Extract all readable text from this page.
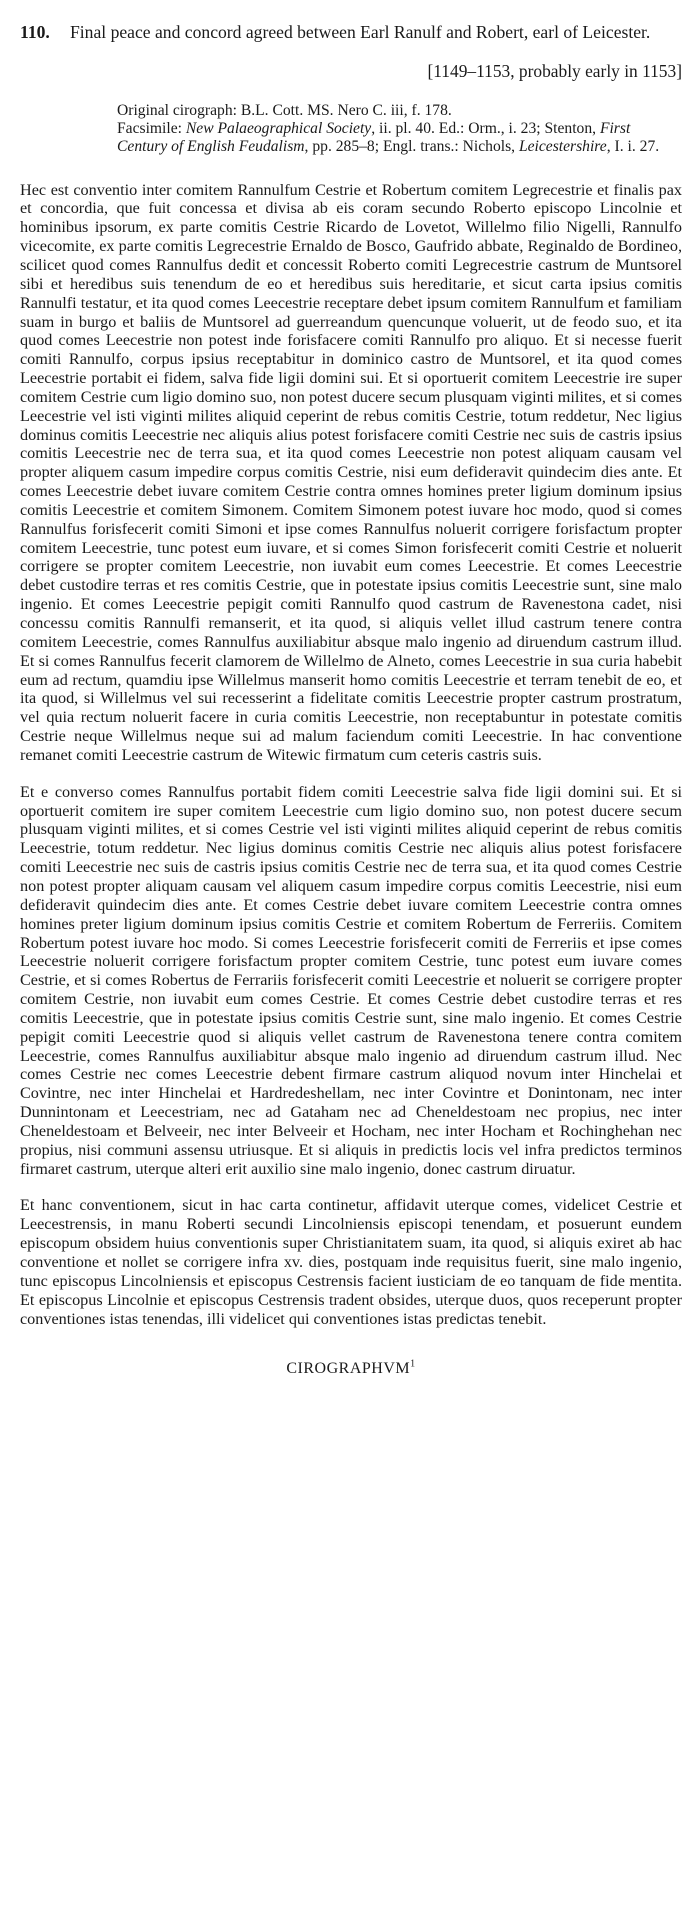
110.	Final peace and concord agreed between Earl Ranulf and Robert, earl of Leicester.
[1149–1153, probably early in 1153]
Original cirograph: B.L. Cott. MS. Nero C. iii, f. 178.
Facsimile: New Palaeographical Society, ii. pl. 40. Ed.: Orm., i. 23; Stenton, First Century of English Feudalism, pp. 285–8; Engl. trans.: Nichols, Leicestershire, I. i. 27.

Hec est conventio inter comitem Rannulfum Cestrie et Robertum comitem Legrecestrie et finalis pax et concordia, que fuit concessa et divisa ab eis coram secundo Roberto episcopo Lincolnie et hominibus ipsorum, ex parte comitis Cestrie Ricardo de Lovetot, Willelmo filio Nigelli, Rannulfo vicecomite, ex parte comitis Legrecestrie Ernaldo de Bosco, Gaufrido abbate, Reginaldo de Bordineo, scilicet quod comes Rannulfus dedit et concessit Roberto comiti Legrecestrie castrum de Muntsorel sibi et heredibus suis tenendum de eo et heredibus suis hereditarie, et sicut carta ipsius comitis Rannulfi testatur, et ita quod comes Leecestrie receptare debet ipsum comitem Rannulfum et familiam suam in burgo et baliis de Muntsorel ad guerreandum quencunque voluerit, ut de feodo suo, et ita quod comes Leecestrie non potest inde forisfacere comiti Rannulfo pro aliquo. Et si necesse fuerit comiti Rannulfo, corpus ipsius receptabitur in dominico castro de Muntsorel, et ita quod comes Leecestrie portabit ei fidem, salva fide ligii domini sui. Et si oportuerit comitem Leecestrie ire super comitem Cestrie cum ligio domino suo, non potest ducere secum plusquam viginti milites, et si comes Leecestrie vel isti viginti milites aliquid ceperint de rebus comitis Cestrie, totum reddetur, Nec ligius dominus comitis Leecestrie nec aliquis alius potest forisfacere comiti Cestrie nec suis de castris ipsius comitis Leecestrie nec de terra sua, et ita quod comes Leecestrie non potest aliquam causam vel propter aliquem casum impedire corpus comitis Cestrie, nisi eum defideravit quindecim dies ante. Et comes Leecestrie debet iuvare comitem Cestrie contra omnes homines preter ligium dominum ipsius comitis Leecestrie et comitem Simonem. Comitem Simonem potest iuvare hoc modo, quod si comes Rannulfus forisfecerit comiti Simoni et ipse comes Rannulfus noluerit corrigere forisfactum propter comitem Leecestrie, tunc potest eum iuvare, et si comes Simon forisfecerit comiti Cestrie et noluerit corrigere se propter comitem Leecestrie, non iuvabit eum comes Leecestrie. Et comes Leecestrie debet custodire terras et res comitis Cestrie, que in potestate ipsius comitis Leecestrie sunt, sine malo ingenio. Et comes Leecestrie pepigit comiti Rannulfo quod castrum de Ravenestona cadet, nisi concessu comitis Rannulfi remanserit, et ita quod, si aliquis vellet illud castrum tenere contra comitem Leecestrie, comes Rannulfus auxiliabitur absque malo ingenio ad diruendum castrum illud. Et si comes Rannulfus fecerit clamorem de Willelmo de Alneto, comes Leecestrie in sua curia habebit eum ad rectum, quamdiu ipse Willelmus manserit homo comitis Leecestrie et terram tenebit de eo, et ita quod, si Willelmus vel sui recesserint a fidelitate comitis Leecestrie propter castrum prostratum, vel quia rectum noluerit facere in curia comitis Leecestrie, non receptabuntur in potestate comitis Cestrie neque Willelmus neque sui ad malum faciendum comiti Leecestrie. In hac conventione remanet comiti Leecestrie castrum de Witewic firmatum cum ceteris castris suis.

Et e converso comes Rannulfus portabit fidem comiti Leecestrie salva fide ligii domini sui. Et si oportuerit comitem ire super comitem Leecestrie cum ligio domino suo, non potest ducere secum plusquam viginti milites, et si comes Cestrie vel isti viginti milites aliquid ceperint de rebus comitis Leecestrie, totum reddetur. Nec ligius dominus comitis Cestrie nec aliquis alius potest forisfacere comiti Leecestrie nec suis de castris ipsius comitis Cestrie nec de terra sua, et ita quod comes Cestrie non potest propter aliquam causam vel aliquem casum impedire corpus comitis Leecestrie, nisi eum defideravit quindecim dies ante. Et comes Cestrie debet iuvare comitem Leecestrie contra omnes homines preter ligium dominum ipsius comitis Cestrie et comitem Robertum de Ferreriis. Comitem Robertum potest iuvare hoc modo. Si comes Leecestrie forisfecerit comiti de Ferreriis et ipse comes Leecestrie noluerit corrigere forisfactum propter comitem Cestrie, tunc potest eum iuvare comes Cestrie, et si comes Robertus de Ferrariis forisfecerit comiti Leecestrie et noluerit se corrigere propter comitem Cestrie, non iuvabit eum comes Cestrie. Et comes Cestrie debet custodire terras et res comitis Leecestrie, que in potestate ipsius comitis Cestrie sunt, sine malo ingenio. Et comes Cestrie pepigit comiti Leecestrie quod si aliquis vellet castrum de Ravenestona tenere contra comitem Leecestrie, comes Rannulfus auxiliabitur absque malo ingenio ad diruendum castrum illud. Nec comes Cestrie nec comes Leecestrie debent firmare castrum aliquod novum inter Hinchelai et Covintre, nec inter Hinchelai et Hardredeshellam, nec inter Covintre et Donintonam, nec inter Dunnintonam et Leecestriam, nec ad Gataham nec ad Cheneldestoam nec propius, nec inter Cheneldestoam et Belveeir, nec inter Belveeir et Hocham, nec inter Hocham et Rochinghehan nec propius, nisi communi assensu utriusque. Et si aliquis in predictis locis vel infra predictos terminos firmaret castrum, uterque alteri erit auxilio sine malo ingenio, donec castrum diruatur.

Et hanc conventionem, sicut in hac carta continetur, affidavit uterque comes, videlicet Cestrie et Leecestrensis, in manu Roberti secundi Lincolniensis episcopi tenendam, et posuerunt eundem episcopum obsidem huius conventionis super Christianitatem suam, ita quod, si aliquis exiret ab hac conventione et nollet se corrigere infra xv. dies, postquam inde requisitus fuerit, sine malo ingenio, tunc episcopus Lincolniensis et episcopus Cestrensis facient iusticiam de eo tanquam de fide mentita. Et episcopus Lincolnie et episcopus Cestrensis tradent obsides, uterque duos, quos receperunt propter conventiones istas tenendas, illi videlicet qui conventiones istas predictas tenebit.

CIROGRAPHVM$^1$
